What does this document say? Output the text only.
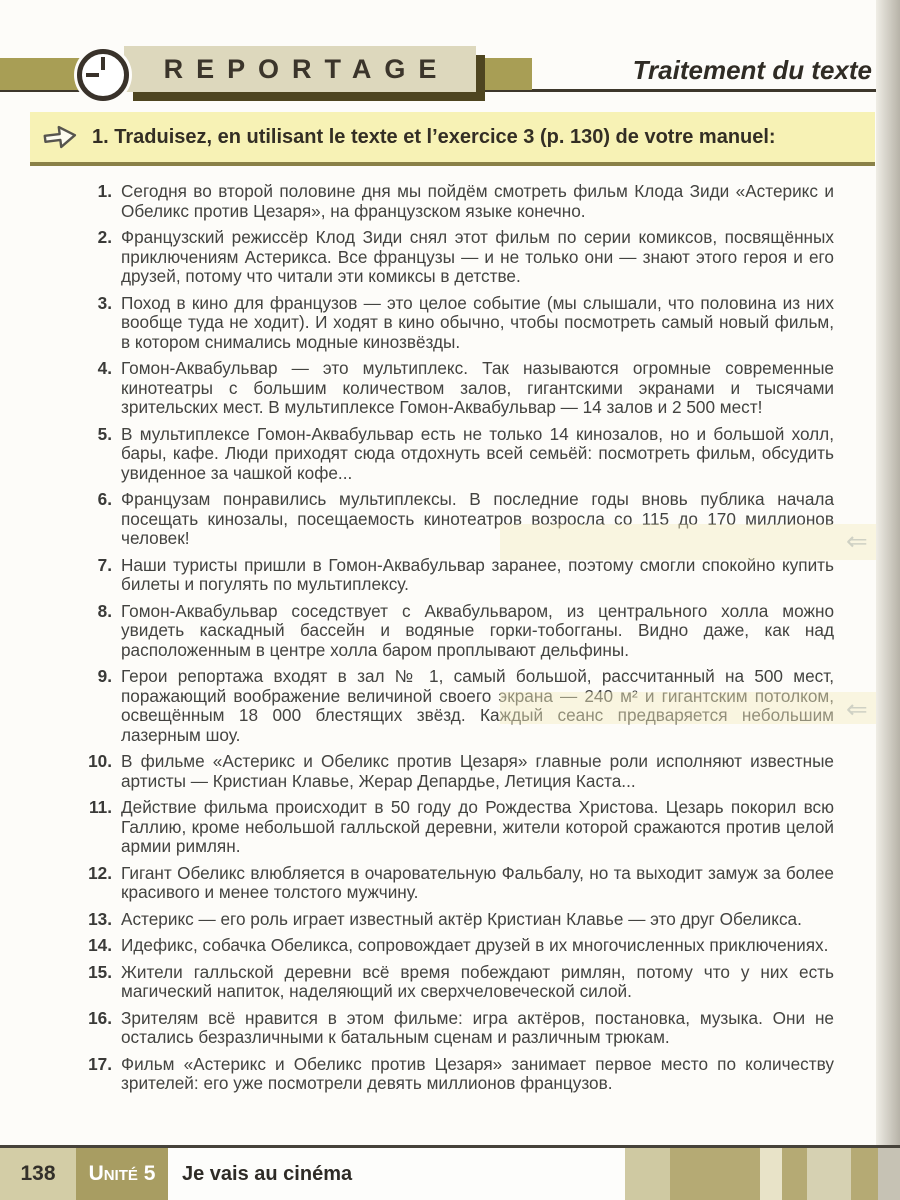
REPORTAGE	Traitement du texte
1. Traduisez, en utilisant le texte et l’exercice 3 (p. 130) de votre manuel:
1. Сегодня во второй половине дня мы пойдём смотреть фильм Клода Зиди «Астерикс и Обеликс против Цезаря», на французском языке конечно.
2. Французский режиссёр Клод Зиди снял этот фильм по серии комиксов, посвящённых приключениям Астерикса. Все французы — и не только они — знают этого героя и его друзей, потому что читали эти комиксы в детстве.
3. Поход в кино для французов — это целое событие (мы слышали, что половина из них вообще туда не ходит). И ходят в кино обычно, чтобы посмотреть самый новый фильм, в котором снимались модные кинозвёзды.
4. Гомон-Аквабульвар — это мультиплекс. Так называются огромные современные кинотеатры с большим количеством залов, гигантскими экранами и тысячами зрительских мест. В мультиплексе Гомон-Аквабульвар — 14 залов и 2 500 мест!
5. В мультиплексе Гомон-Аквабульвар есть не только 14 кинозалов, но и большой холл, бары, кафе. Люди приходят сюда отдохнуть всей семьёй: посмотреть фильм, обсудить увиденное за чашкой кофе...
6. Французам понравились мультиплексы. В последние годы вновь публика начала посещать кинозалы, посещаемость кинотеатров возросла со 115 до 170 миллионов человек!
7. Наши туристы пришли в Гомон-Аквабульвар заранее, поэтому смогли спокойно купить билеты и погулять по мультиплексу.
8. Гомон-Аквабульвар соседствует с Аквабульваром, из центрального холла можно увидеть каскадный бассейн и водяные горки-тобогганы. Видно даже, как над расположенным в центре холла баром проплывают дельфины.
9. Герои репортажа входят в зал № 1, самый большой, рассчитанный на 500 мест, поражающий воображение величиной своего экрана — 240 м² и гигантским потолком, освещённым 18 000 блестящих звёзд. Каждый сеанс предваряется небольшим лазерным шоу.
10. В фильме «Астерикс и Обеликс против Цезаря» главные роли исполняют известные артисты — Кристиан Клавье, Жерар Депардье, Летиция Каста...
11. Действие фильма происходит в 50 году до Рождества Христова. Цезарь покорил всю Галлию, кроме небольшой галльской деревни, жители которой сражаются против целой армии римлян.
12. Гигант Обеликс влюбляется в очаровательную Фальбалу, но та выходит замуж за более красивого и менее толстого мужчину.
13. Астерикс — его роль играет известный актёр Кристиан Клавье — это друг Обеликса.
14. Идефикс, собачка Обеликса, сопровождает друзей в их многочисленных приключениях.
15. Жители галльской деревни всё время побеждают римлян, потому что у них есть магический напиток, наделяющий их сверхчеловеческой силой.
16. Зрителям всё нравится в этом фильме: игра актёров, постановка, музыка. Они не остались безразличными к батальным сценам и различным трюкам.
17. Фильм «Астерикс и Обеликс против Цезаря» занимает первое место по количеству зрителей: его уже посмотрели девять миллионов французов.
⇒
⇒
138	Unité 5	Je vais au cinéma
